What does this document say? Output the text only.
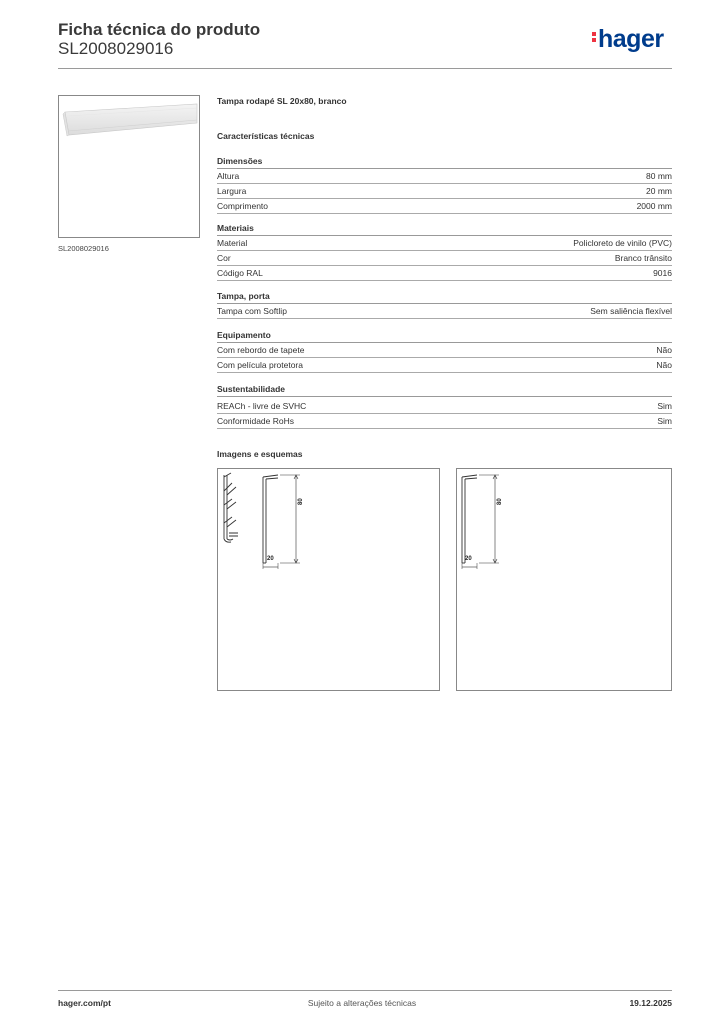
Ficha técnica do produto
SL2008029016	hager
SL2008029016
Tampa rodapé SL 20x80, branco
Características técnicas
Dimensões
Altura	80 mm
Largura	20 mm
Comprimento	2000 mm
Materiais
Material	Policloreto de vinilo (PVC)
Cor	Branco trânsito
Código RAL	9016
Tampa, porta
Tampa com Softlip	Sem saliência flexível
Equipamento
Com rebordo de tapete	Não
Com película protetora	Não
Sustentabilidade
REACh - livre de SVHC	Sim
Conformidade RoHs	Sim
Imagens e esquemas
80
20
80
20
hager.com/pt	Sujeito a alterações técnicas	19.12.2025
